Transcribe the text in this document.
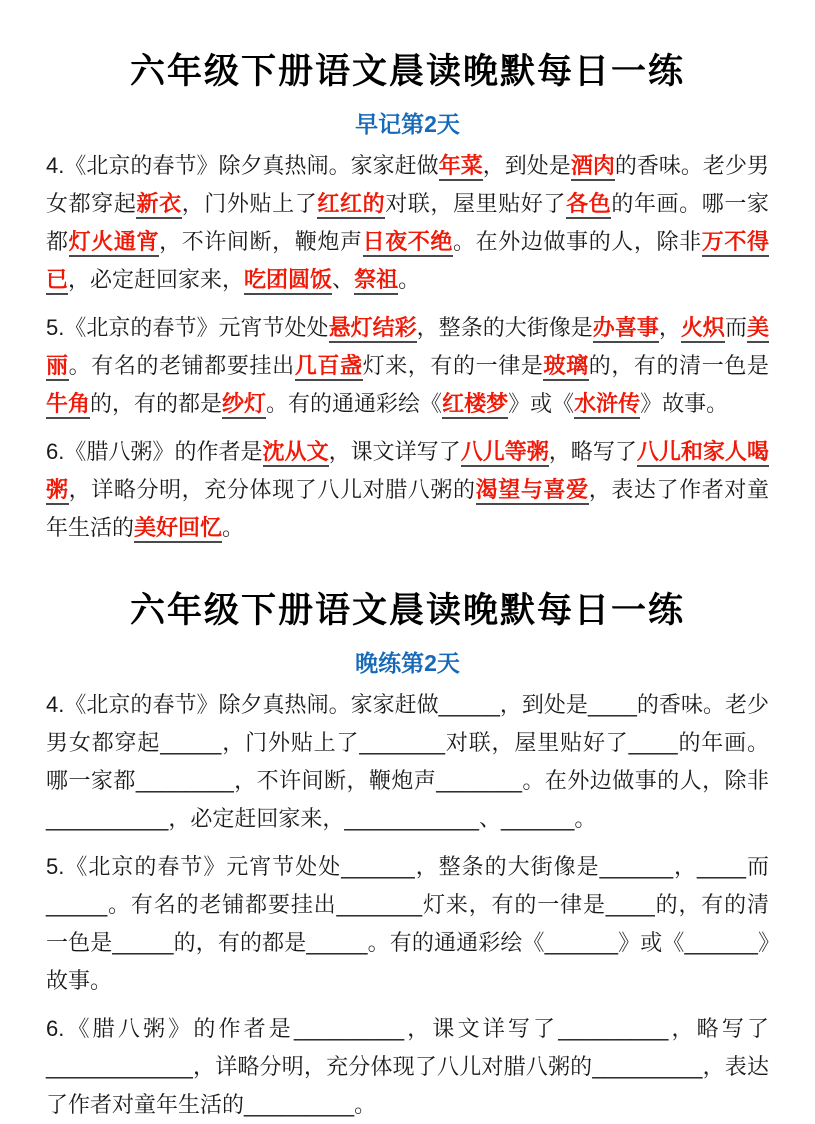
六年级下册语文晨读晚默每日一练
早记第2天

4.《北京的春节》除夕真热闹。家家赶做年菜，到处是酒肉的香味。老少男女都穿起新衣，门外贴上了红红的对联，屋里贴好了各色的年画。哪一家都灯火通宵，不许间断，鞭炮声日夜不绝。在外边做事的人，除非万不得已，必定赶回家来，吃团圆饭、祭祖。

5.《北京的春节》元宵节处处悬灯结彩，整条的大街像是办喜事，火炽而美丽。有名的老铺都要挂出几百盏灯来，有的一律是玻璃的，有的清一色是牛角的，有的都是纱灯。有的通通彩绘《红楼梦》或《水浒传》故事。

6.《腊八粥》的作者是沈从文，课文详写了八儿等粥，略写了八儿和家人喝粥，详略分明，充分体现了八儿对腊八粥的渴望与喜爱，表达了作者对童年生活的美好回忆。

六年级下册语文晨读晚默每日一练
晚练第2天

4.《北京的春节》除夕真热闹。家家赶做_____，到处是____的香味。老少男女都穿起_____，门外贴上了_______对联，屋里贴好了____的年画。哪一家都________，不许间断，鞭炮声_______。在外边做事的人，除非__________，必定赶回家来，___________、______。

5.《北京的春节》元宵节处处______，整条的大街像是______，____而_____。有名的老铺都要挂出_______灯来，有的一律是____的，有的清一色是_____的，有的都是_____。有的通通彩绘《______》或《______》故事。

6.《腊八粥》的作者是_________，课文详写了_________，略写了____________，详略分明，充分体现了八儿对腊八粥的_________，表达了作者对童年生活的_________。
